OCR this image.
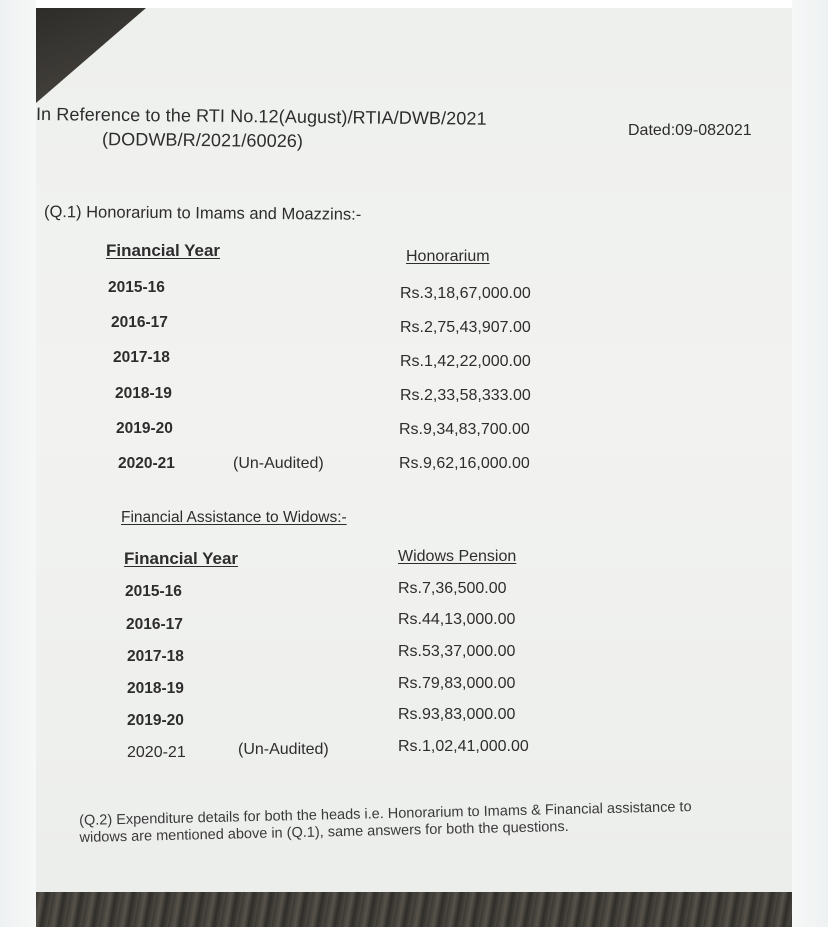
In Reference to the RTI No.12(August)/RTIA/DWB/2021
(DODWB/R/2021/60026)	Dated:09-082021
(Q.1) Honorarium to Imams and Moazzins:-
Financial Year	Honorarium
2015-16	Rs.3,18,67,000.00
2016-17	Rs.2,75,43,907.00
2017-18	Rs.1,42,22,000.00
2018-19	Rs.2,33,58,333.00
2019-20	Rs.9,34,83,700.00
2020-21	(Un-Audited)	Rs.9,62,16,000.00
Financial Assistance to Widows:-
Financial Year	Widows Pension
2015-16	Rs.7,36,500.00
2016-17	Rs.44,13,000.00
2017-18	Rs.53,37,000.00
2018-19	Rs.79,83,000.00
2019-20	Rs.93,83,000.00
2020-21	(Un-Audited)	Rs.1,02,41,000.00
(Q.2) Expenditure details for both the heads i.e. Honorarium to Imams & Financial assistance to widows are mentioned above in (Q.1), same answers for both the questions.
